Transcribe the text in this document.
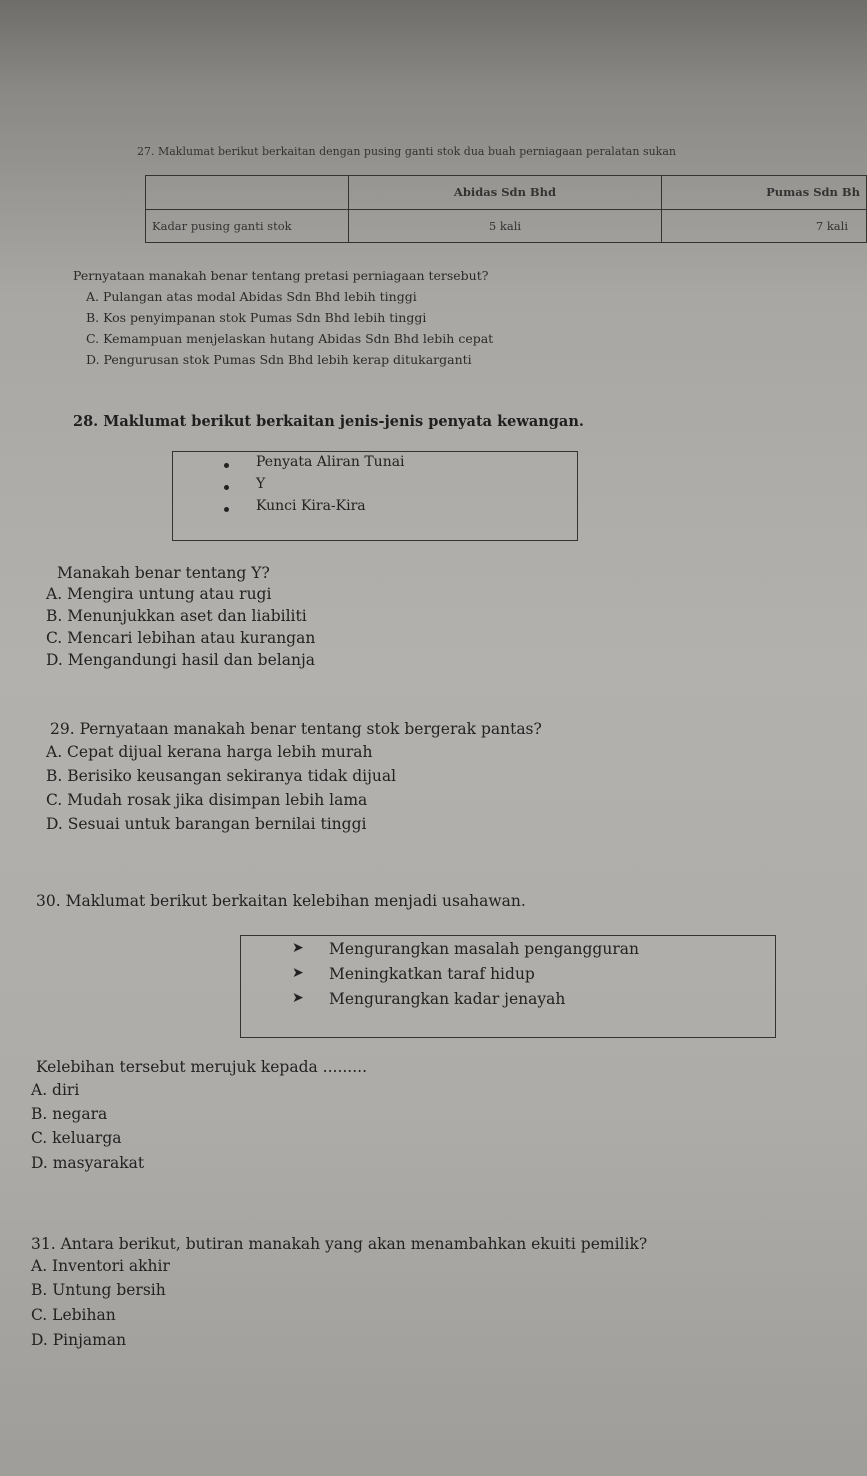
27. Maklumat berikut berkaitan dengan pusing ganti stok dua buah perniagaan peralatan sukan
	Abidas Sdn Bhd	Pumas Sdn Bh
Kadar pusing ganti stok	5 kali	7 kali
Pernyataan manakah benar tentang pretasi perniagaan tersebut?
A. Pulangan atas modal Abidas Sdn Bhd lebih tinggi
B. Kos penyimpanan stok Pumas Sdn Bhd lebih tinggi
C. Kemampuan menjelaskan hutang Abidas Sdn Bhd lebih cepat
D. Pengurusan stok Pumas Sdn Bhd lebih kerap ditukarganti
28. Maklumat berikut berkaitan jenis-jenis penyata kewangan.
Penyata Aliran Tunai
Y
Kunci Kira-Kira
Manakah benar tentang Y?
A. Mengira untung atau rugi
B. Menunjukkan aset dan liabiliti
C. Mencari lebihan atau kurangan
D. Mengandungi hasil dan belanja
29. Pernyataan manakah benar tentang stok bergerak pantas?
A. Cepat dijual kerana harga lebih murah
B. Berisiko keusangan sekiranya tidak dijual
C. Mudah rosak jika disimpan lebih lama
D. Sesuai untuk barangan bernilai tinggi
30. Maklumat berikut berkaitan kelebihan menjadi usahawan.
➤ Mengurangkan masalah pengangguran
➤ Meningkatkan taraf hidup
➤ Mengurangkan kadar jenayah
Kelebihan tersebut merujuk kepada .........
A. diri
B. negara
C. keluarga
D. masyarakat
31. Antara berikut, butiran manakah yang akan menambahkan ekuiti pemilik?
A. Inventori akhir
B. Untung bersih
C. Lebihan
D. Pinjaman
